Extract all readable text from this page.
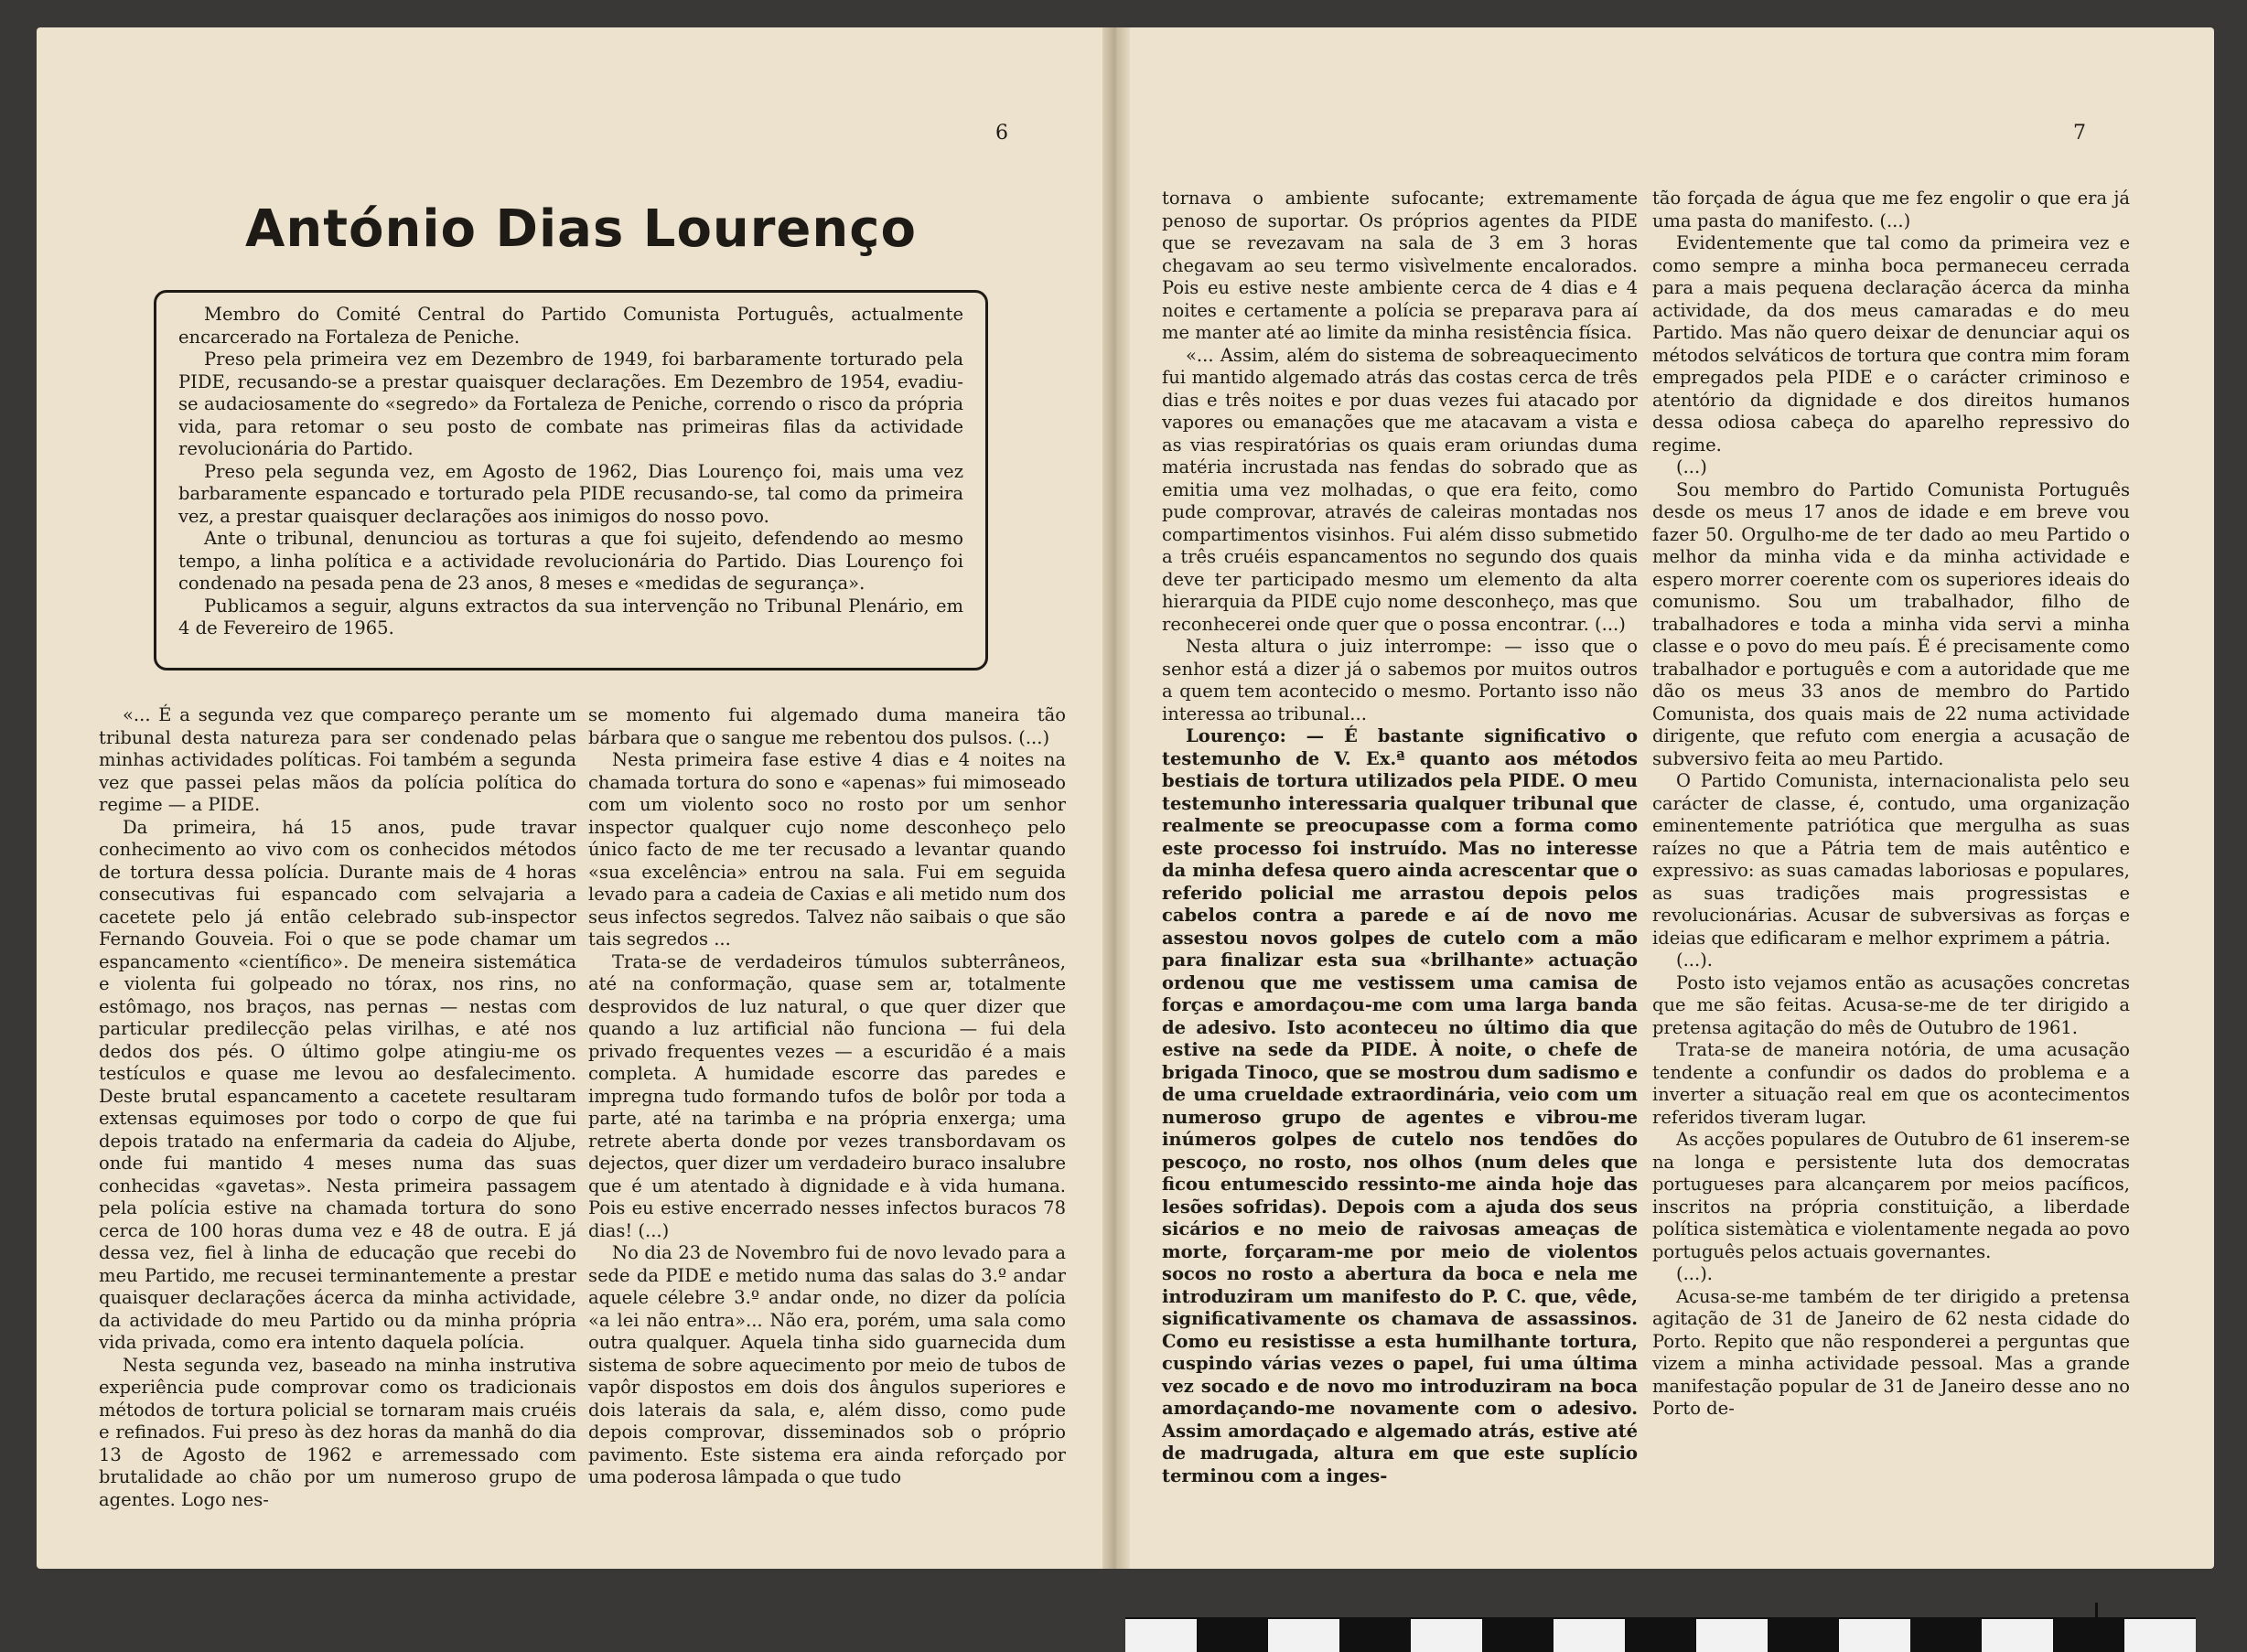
6
António Dias Lourenço

Membro do Comité Central do Partido Comunista Português, actualmente encarcerado na Fortaleza de Peniche.

Preso pela primeira vez em Dezembro de 1949, foi barbaramente torturado pela PIDE, recusando-se a prestar quaisquer declarações. Em Dezembro de 1954, evadiu-se audaciosamente do «segredo» da Fortaleza de Peniche, correndo o risco da própria vida, para retomar o seu posto de combate nas primeiras filas da actividade revolucionária do Partido.

Preso pela segunda vez, em Agosto de 1962, Dias Lourenço foi, mais uma vez barbaramente espancado e torturado pela PIDE recusando-se, tal como da primeira vez, a prestar quaisquer declarações aos inimigos do nosso povo.

Ante o tribunal, denunciou as torturas a que foi sujeito, defendendo ao mesmo tempo, a linha política e a actividade revolucionária do Partido. Dias Lourenço foi condenado na pesada pena de 23 anos, 8 meses e «medidas de segurança».

Publicamos a seguir, alguns extractos da sua intervenção no Tribunal Plenário, em 4 de Fevereiro de 1965.

«... É a segunda vez que compareço perante um tribunal desta natureza para ser condenado pelas minhas actividades políticas. Foi também a segunda vez que passei pelas mãos da polícia política do regime — a PIDE.

Da primeira, há 15 anos, pude travar conhecimento ao vivo com os conhecidos métodos de tortura dessa polícia. Durante mais de 4 horas consecutivas fui espancado com selvajaria a cacetete pelo já então celebrado sub-inspector Fernando Gouveia. Foi o que se pode chamar um espancamento «científico». De meneira sistemática e violenta fui golpeado no tórax, nos rins, no estômago, nos braços, nas pernas — nestas com particular predilecção pelas virilhas, e até nos dedos dos pés. O último golpe atingiu-me os testículos e quase me levou ao desfalecimento. Deste brutal espancamento a cacetete resultaram extensas equimoses por todo o corpo de que fui depois tratado na enfermaria da cadeia do Aljube, onde fui mantido 4 meses numa das suas conhecidas «gavetas». Nesta primeira passagem pela polícia estive na chamada tortura do sono cerca de 100 horas duma vez e 48 de outra. E já dessa vez, fiel à linha de educação que recebi do meu Partido, me recusei terminantemente a prestar quaisquer declarações ácerca da minha actividade, da actividade do meu Partido ou da minha própria vida privada, como era intento daquela polícia.

Nesta segunda vez, baseado na minha instrutiva experiência pude comprovar como os tradicionais métodos de tortura policial se tornaram mais cruéis e refinados. Fui preso às dez horas da manhã do dia 13 de Agosto de 1962 e arremessado com brutalidade ao chão por um numeroso grupo de agentes. Logo nes-

se momento fui algemado duma maneira tão bárbara que o sangue me rebentou dos pulsos. (...)

Nesta primeira fase estive 4 dias e 4 noites na chamada tortura do sono e «apenas» fui mimoseado com um violento soco no rosto por um senhor inspector qualquer cujo nome desconheço pelo único facto de me ter recusado a levantar quando «sua excelência» entrou na sala. Fui em seguida levado para a cadeia de Caxias e ali metido num dos seus infectos segredos. Talvez não saibais o que são tais segredos ...

Trata-se de verdadeiros túmulos subterrâneos, até na conformação, quase sem ar, totalmente desprovidos de luz natural, o que quer dizer que quando a luz artificial não funciona — fui dela privado frequentes vezes — a escuridão é a mais completa. A humidade escorre das paredes e impregna tudo formando tufos de bolôr por toda a parte, até na tarimba e na própria enxerga; uma retrete aberta donde por vezes transbordavam os dejectos, quer dizer um verdadeiro buraco insalubre que é um atentado à dignidade e à vida humana. Pois eu estive encerrado nesses infectos buracos 78 dias! (...)

No dia 23 de Novembro fui de novo levado para a sede da PIDE e metido numa das salas do 3.º andar aquele célebre 3.º andar onde, no dizer da polícia «a lei não entra»... Não era, porém, uma sala como outra qualquer. Aquela tinha sido guarnecida dum sistema de sobre aquecimento por meio de tubos de vapôr dispostos em dois dos ângulos superiores e dois laterais da sala, e, além disso, como pude depois comprovar, disseminados sob o próprio pavimento. Este sistema era ainda reforçado por uma poderosa lâmpada o que tudo

7

tornava o ambiente sufocante; extremamente penoso de suportar. Os próprios agentes da PIDE que se revezavam na sala de 3 em 3 horas chegavam ao seu termo visìvelmente encalorados. Pois eu estive neste ambiente cerca de 4 dias e 4 noites e certamente a polícia se preparava para aí me manter até ao limite da minha resistência física.

«... Assim, além do sistema de sobreaquecimento fui mantido algemado atrás das costas cerca de três dias e três noites e por duas vezes fui atacado por vapores ou emanações que me atacavam a vista e as vias respiratórias os quais eram oriundas duma matéria incrustada nas fendas do sobrado que as emitia uma vez molhadas, o que era feito, como pude comprovar, através de caleiras montadas nos compartimentos visinhos. Fui além disso submetido a três cruéis espancamentos no segundo dos quais deve ter participado mesmo um elemento da alta hierarquia da PIDE cujo nome desconheço, mas que reconhecerei onde quer que o possa encontrar. (...)

Nesta altura o juiz interrompe: — isso que o senhor está a dizer já o sabemos por muitos outros a quem tem acontecido o mesmo. Portanto isso não interessa ao tribunal...

Lourenço: — É bastante significativo o testemunho de V. Ex.ª quanto aos métodos bestiais de tortura utilizados pela PIDE. O meu testemunho interessaria qualquer tribunal que realmente se preocupasse com a forma como este processo foi instruído. Mas no interesse da minha defesa quero ainda acrescentar que o referido policial me arrastou depois pelos cabelos contra a parede e aí de novo me assestou novos golpes de cutelo com a mão para finalizar esta sua «brilhante» actuação ordenou que me vestissem uma camisa de forças e amordaçou-me com uma larga banda de adesivo. Isto aconteceu no último dia que estive na sede da PIDE. À noite, o chefe de brigada Tinoco, que se mostrou dum sadismo e de uma crueldade extraordinária, veio com um numeroso grupo de agentes e vibrou-me inúmeros golpes de cutelo nos tendões do pescoço, no rosto, nos olhos (num deles que ficou entumescido ressinto-me ainda hoje das lesões sofridas). Depois com a ajuda dos seus sicários e no meio de raivosas ameaças de morte, forçaram-me por meio de violentos socos no rosto a abertura da boca e nela me introduziram um manifesto do P. C. que, vêde, significativamente os chamava de assassinos. Como eu resistisse a esta humilhante tortura, cuspindo várias vezes o papel, fui uma última vez socado e de novo mo introduziram na boca amordaçando-me novamente com o adesivo. Assim amordaçado e algemado atrás, estive até de madrugada, altura em que este suplício terminou com a inges-

tão forçada de água que me fez engolir o que era já uma pasta do manifesto. (...)

Evidentemente que tal como da primeira vez e como sempre a minha boca permaneceu cerrada para a mais pequena declaração ácerca da minha actividade, da dos meus camaradas e do meu Partido. Mas não quero deixar de denunciar aqui os métodos selváticos de tortura que contra mim foram empregados pela PIDE e o carácter criminoso e atentório da dignidade e dos direitos humanos dessa odiosa cabeça do aparelho repressivo do regime.

(...)

Sou membro do Partido Comunista Português desde os meus 17 anos de idade e em breve vou fazer 50. Orgulho-me de ter dado ao meu Partido o melhor da minha vida e da minha actividade e espero morrer coerente com os superiores ideais do comunismo. Sou um trabalhador, filho de trabalhadores e toda a minha vida servi a minha classe e o povo do meu país. É é precisamente como trabalhador e português e com a autoridade que me dão os meus 33 anos de membro do Partido Comunista, dos quais mais de 22 numa actividade dirigente, que refuto com energia a acusação de subversivo feita ao meu Partido.

O Partido Comunista, internacionalista pelo seu carácter de classe, é, contudo, uma organização eminentemente patriótica que mergulha as suas raízes no que a Pátria tem de mais autêntico e expressivo: as suas camadas laboriosas e populares, as suas tradições mais progressistas e revolucionárias. Acusar de subversivas as forças e ideias que edificaram e melhor exprimem a pátria.

(...).

Posto isto vejamos então as acusações concretas que me são feitas. Acusa-se-me de ter dirigido a pretensa agitação do mês de Outubro de 1961.

Trata-se de maneira notória, de uma acusação tendente a confundir os dados do problema e a inverter a situação real em que os acontecimentos referidos tiveram lugar.

As acções populares de Outubro de 61 inserem-se na longa e persistente luta dos democratas portugueses para alcançarem por meios pacíficos, inscritos na própria constituição, a liberdade política sistemàtica e violentamente negada ao povo português pelos actuais governantes.

(...).

Acusa-se-me também de ter dirigido a pretensa agitação de 31 de Janeiro de 62 nesta cidade do Porto. Repito que não responderei a perguntas que vizem a minha actividade pessoal. Mas a grande manifestação popular de 31 de Janeiro desse ano no Porto de-
